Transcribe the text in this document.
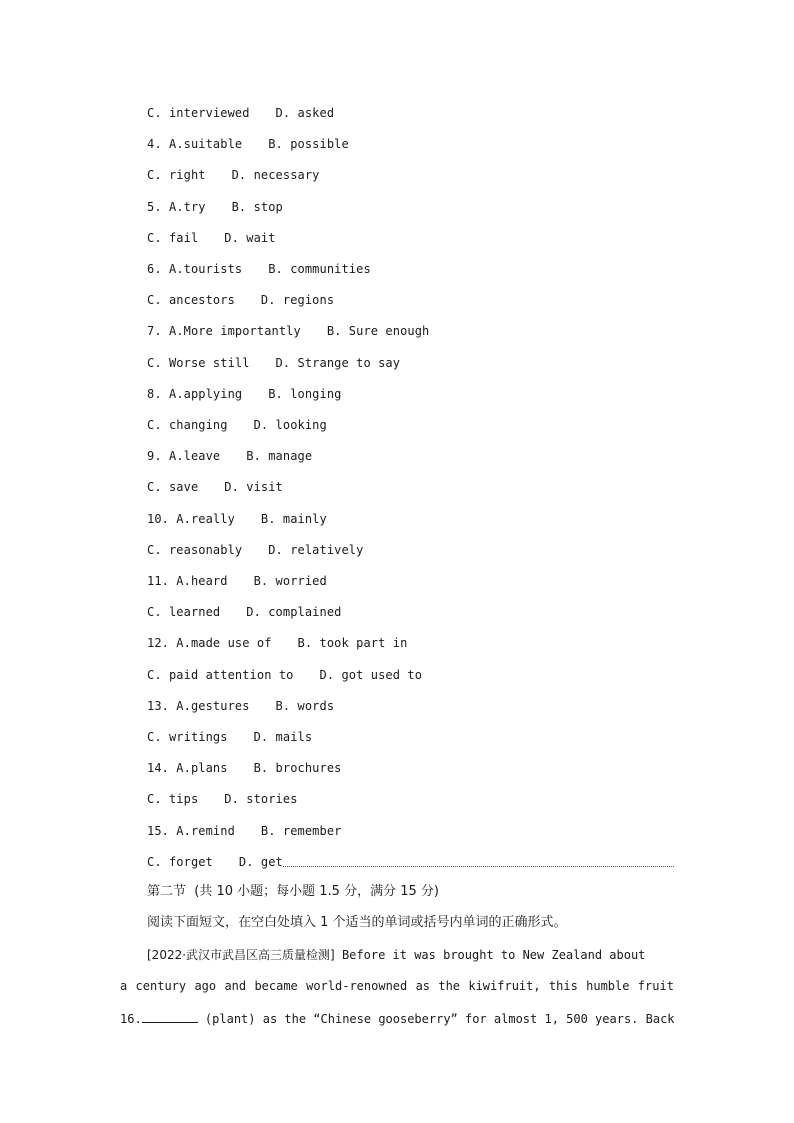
C. interviewed D. asked
4. A.suitable B. possible
C. right D. necessary
5. A.try B. stop
C. fail D. wait
6. A.tourists B. communities
C. ancestors D. regions
7. A.More importantly B. Sure enough
C. Worse still D. Strange to say
8. A.applying B. longing
C. changing D. looking
9. A.leave B. manage
C. save D. visit
10. A.really B. mainly
C. reasonably D. relatively
11. A.heard B. worried
C. learned D. complained
12. A.made use of B. took part in
C. paid attention to D. got used to
13. A.gestures B. words
C. writings D. mails
14. A.plans B. brochures
C. tips D. stories
15. A.remind B. remember
C. forget D. get
第二节  (共 10 小题；每小题 1.5 分，满分 15 分)
阅读下面短文，在空白处填入 1 个适当的单词或括号内单词的正确形式。
[2022·武汉市武昌区高三质量检测] Before it was brought to New Zealand about
a century ago and became world-renowned as the kiwifruit, this humble fruit
16.	(plant) as the “Chinese gooseberry” for almost 1, 500 years. Back
